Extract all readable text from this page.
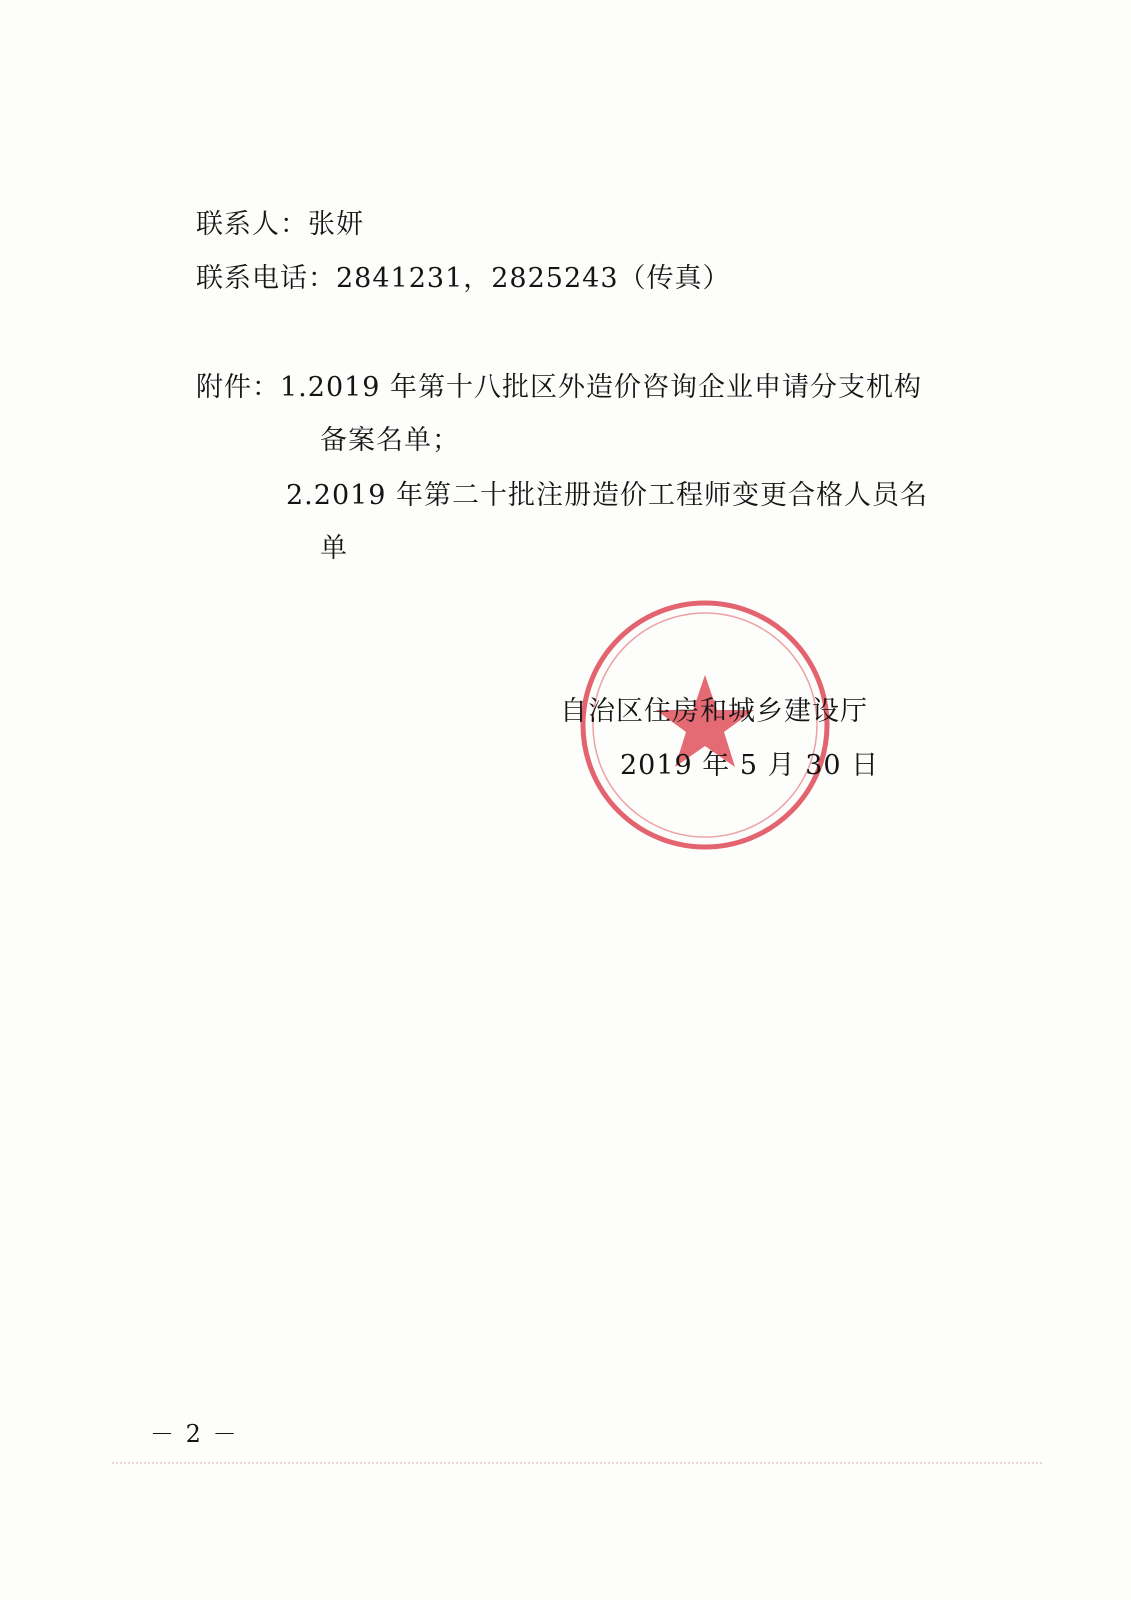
联系人：张妍
联系电话：2841231，2825243（传真）
附件：1.2019 年第十八批区外造价咨询企业申请分支机构
备案名单；
2.2019 年第二十批注册造价工程师变更合格人员名
单
自治区住房和城乡建设厅
2019 年 5 月 30 日
－ 2 －
